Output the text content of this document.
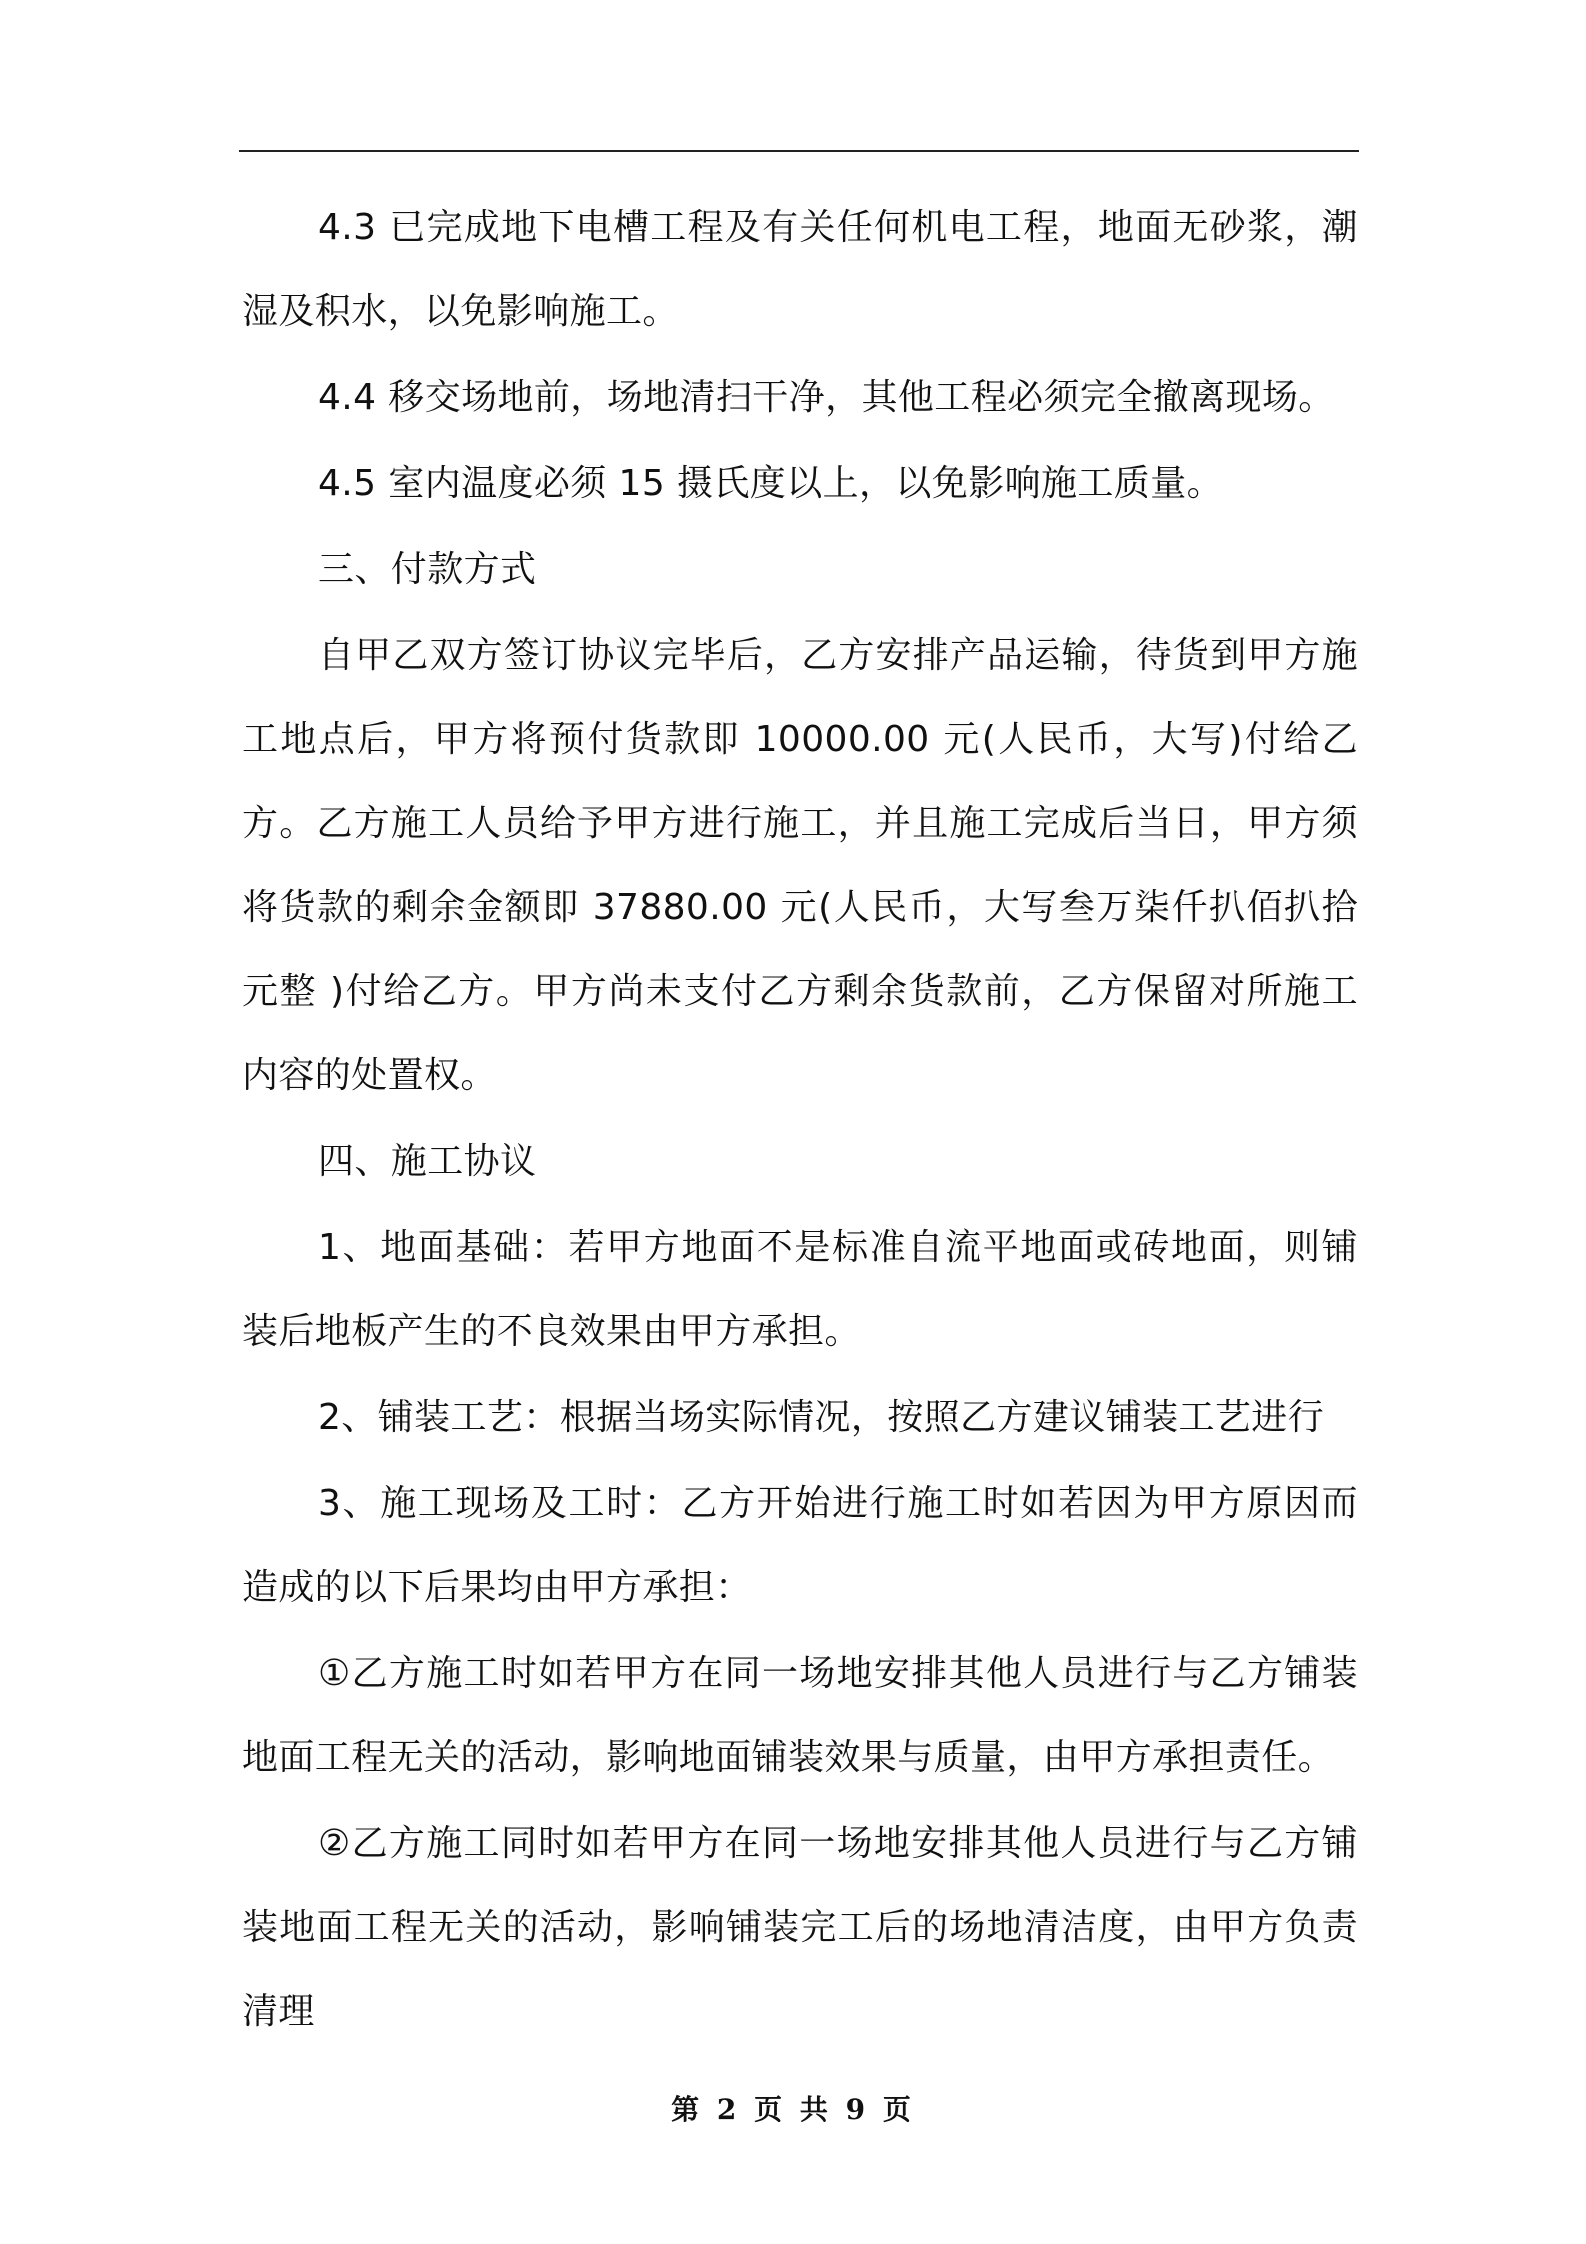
4.3 已完成地下电槽工程及有关任何机电工程，地面无砂浆，潮湿及积水，以免影响施工。

4.4 移交场地前，场地清扫干净，其他工程必须完全撤离现场。

4.5 室内温度必须 15 摄氏度以上，以免影响施工质量。

三、付款方式

自甲乙双方签订协议完毕后，乙方安排产品运输，待货到甲方施工地点后，甲方将预付货款即 10000.00 元(人民币，大写)付给乙方。乙方施工人员给予甲方进行施工，并且施工完成后当日，甲方须将货款的剩余金额即 37880.00 元(人民币，大写叁万柒仟扒佰扒拾元整 )付给乙方。甲方尚未支付乙方剩余货款前，乙方保留对所施工内容的处置权。

四、施工协议

1、地面基础：若甲方地面不是标准自流平地面或砖地面，则铺装后地板产生的不良效果由甲方承担。

2、铺装工艺：根据当场实际情况，按照乙方建议铺装工艺进行

3、施工现场及工时：乙方开始进行施工时如若因为甲方原因而造成的以下后果均由甲方承担：

①乙方施工时如若甲方在同一场地安排其他人员进行与乙方铺装地面工程无关的活动，影响地面铺装效果与质量，由甲方承担责任。

②乙方施工同时如若甲方在同一场地安排其他人员进行与乙方铺装地面工程无关的活动，影响铺装完工后的场地清洁度，由甲方负责清理

第 2 页 共 9 页
